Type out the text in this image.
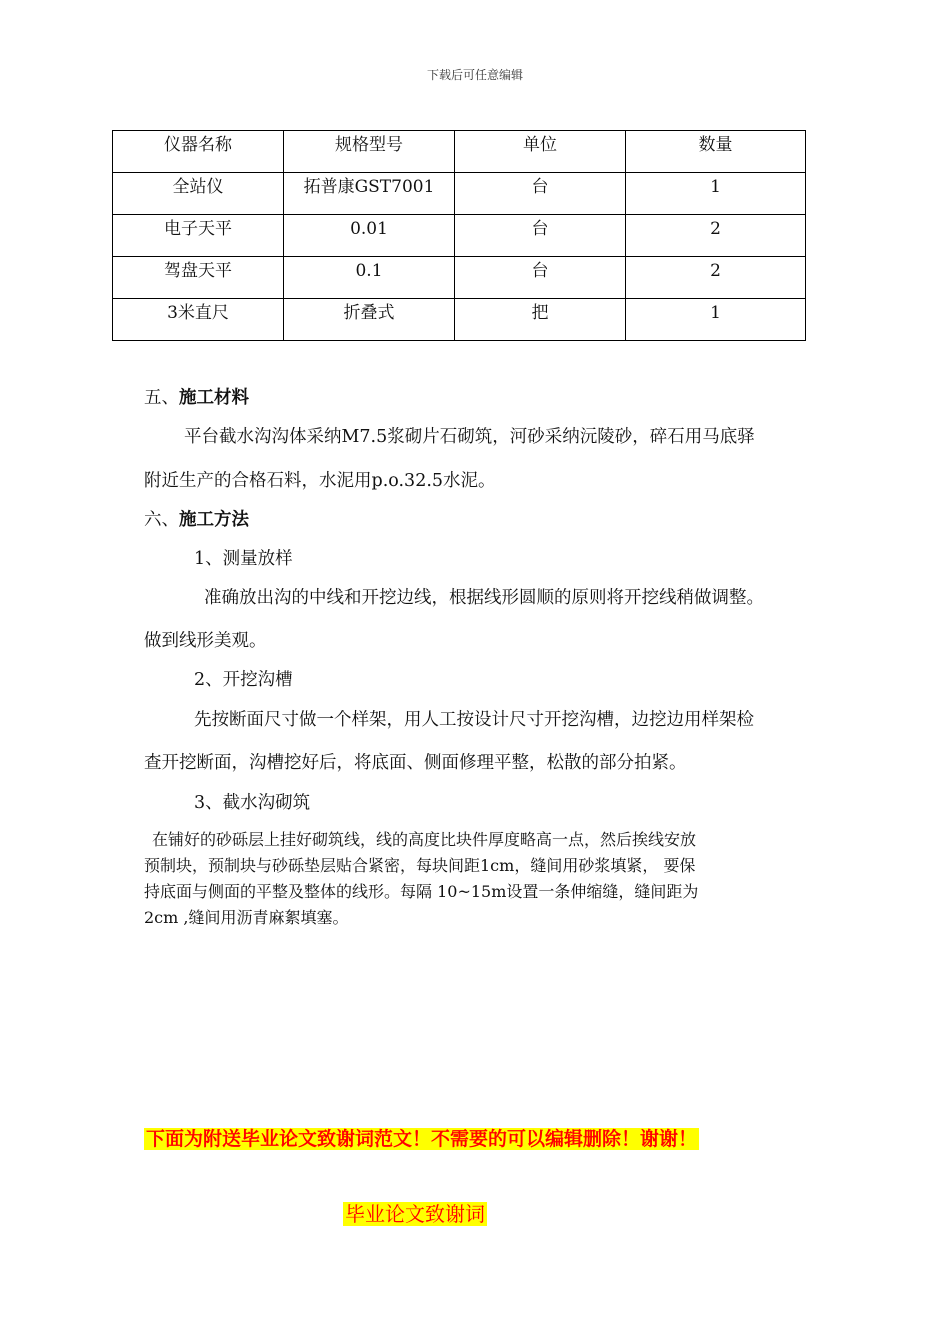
下载后可任意编辑
仪器名称	规格型号	单位	数量
全站仪	拓普康GST7001	台	1
电子天平	0.01	台	2
驾盘天平	0.1	台	2
3米直尺	折叠式	把	1
五、施工材料
平台截水沟沟体采纳M7.5浆砌片石砌筑，河砂采纳沅陵砂，碎石用马底驿
附近生产的合格石料，水泥用p.o.32.5水泥。
六、施工方法
1、测量放样
准确放出沟的中线和开挖边线，根据线形圆顺的原则将开挖线稍做调整。
做到线形美观。
2、开挖沟槽
先按断面尺寸做一个样架，用人工按设计尺寸开挖沟槽，边挖边用样架检
查开挖断面，沟槽挖好后，将底面、侧面修理平整，松散的部分拍紧。
3、截水沟砌筑
在铺好的砂砾层上挂好砌筑线，线的高度比块件厚度略高一点，然后挨线安放
预制块，预制块与砂砾垫层贴合紧密，每块间距1cm，缝间用砂浆填紧， 要保
持底面与侧面的平整及整体的线形。每隔 10~15m设置一条伸缩缝，缝间距为
2cm ,缝间用沥青麻絮填塞。
下面为附送毕业论文致谢词范文！不需要的可以编辑删除！谢谢！
毕业论文致谢词
